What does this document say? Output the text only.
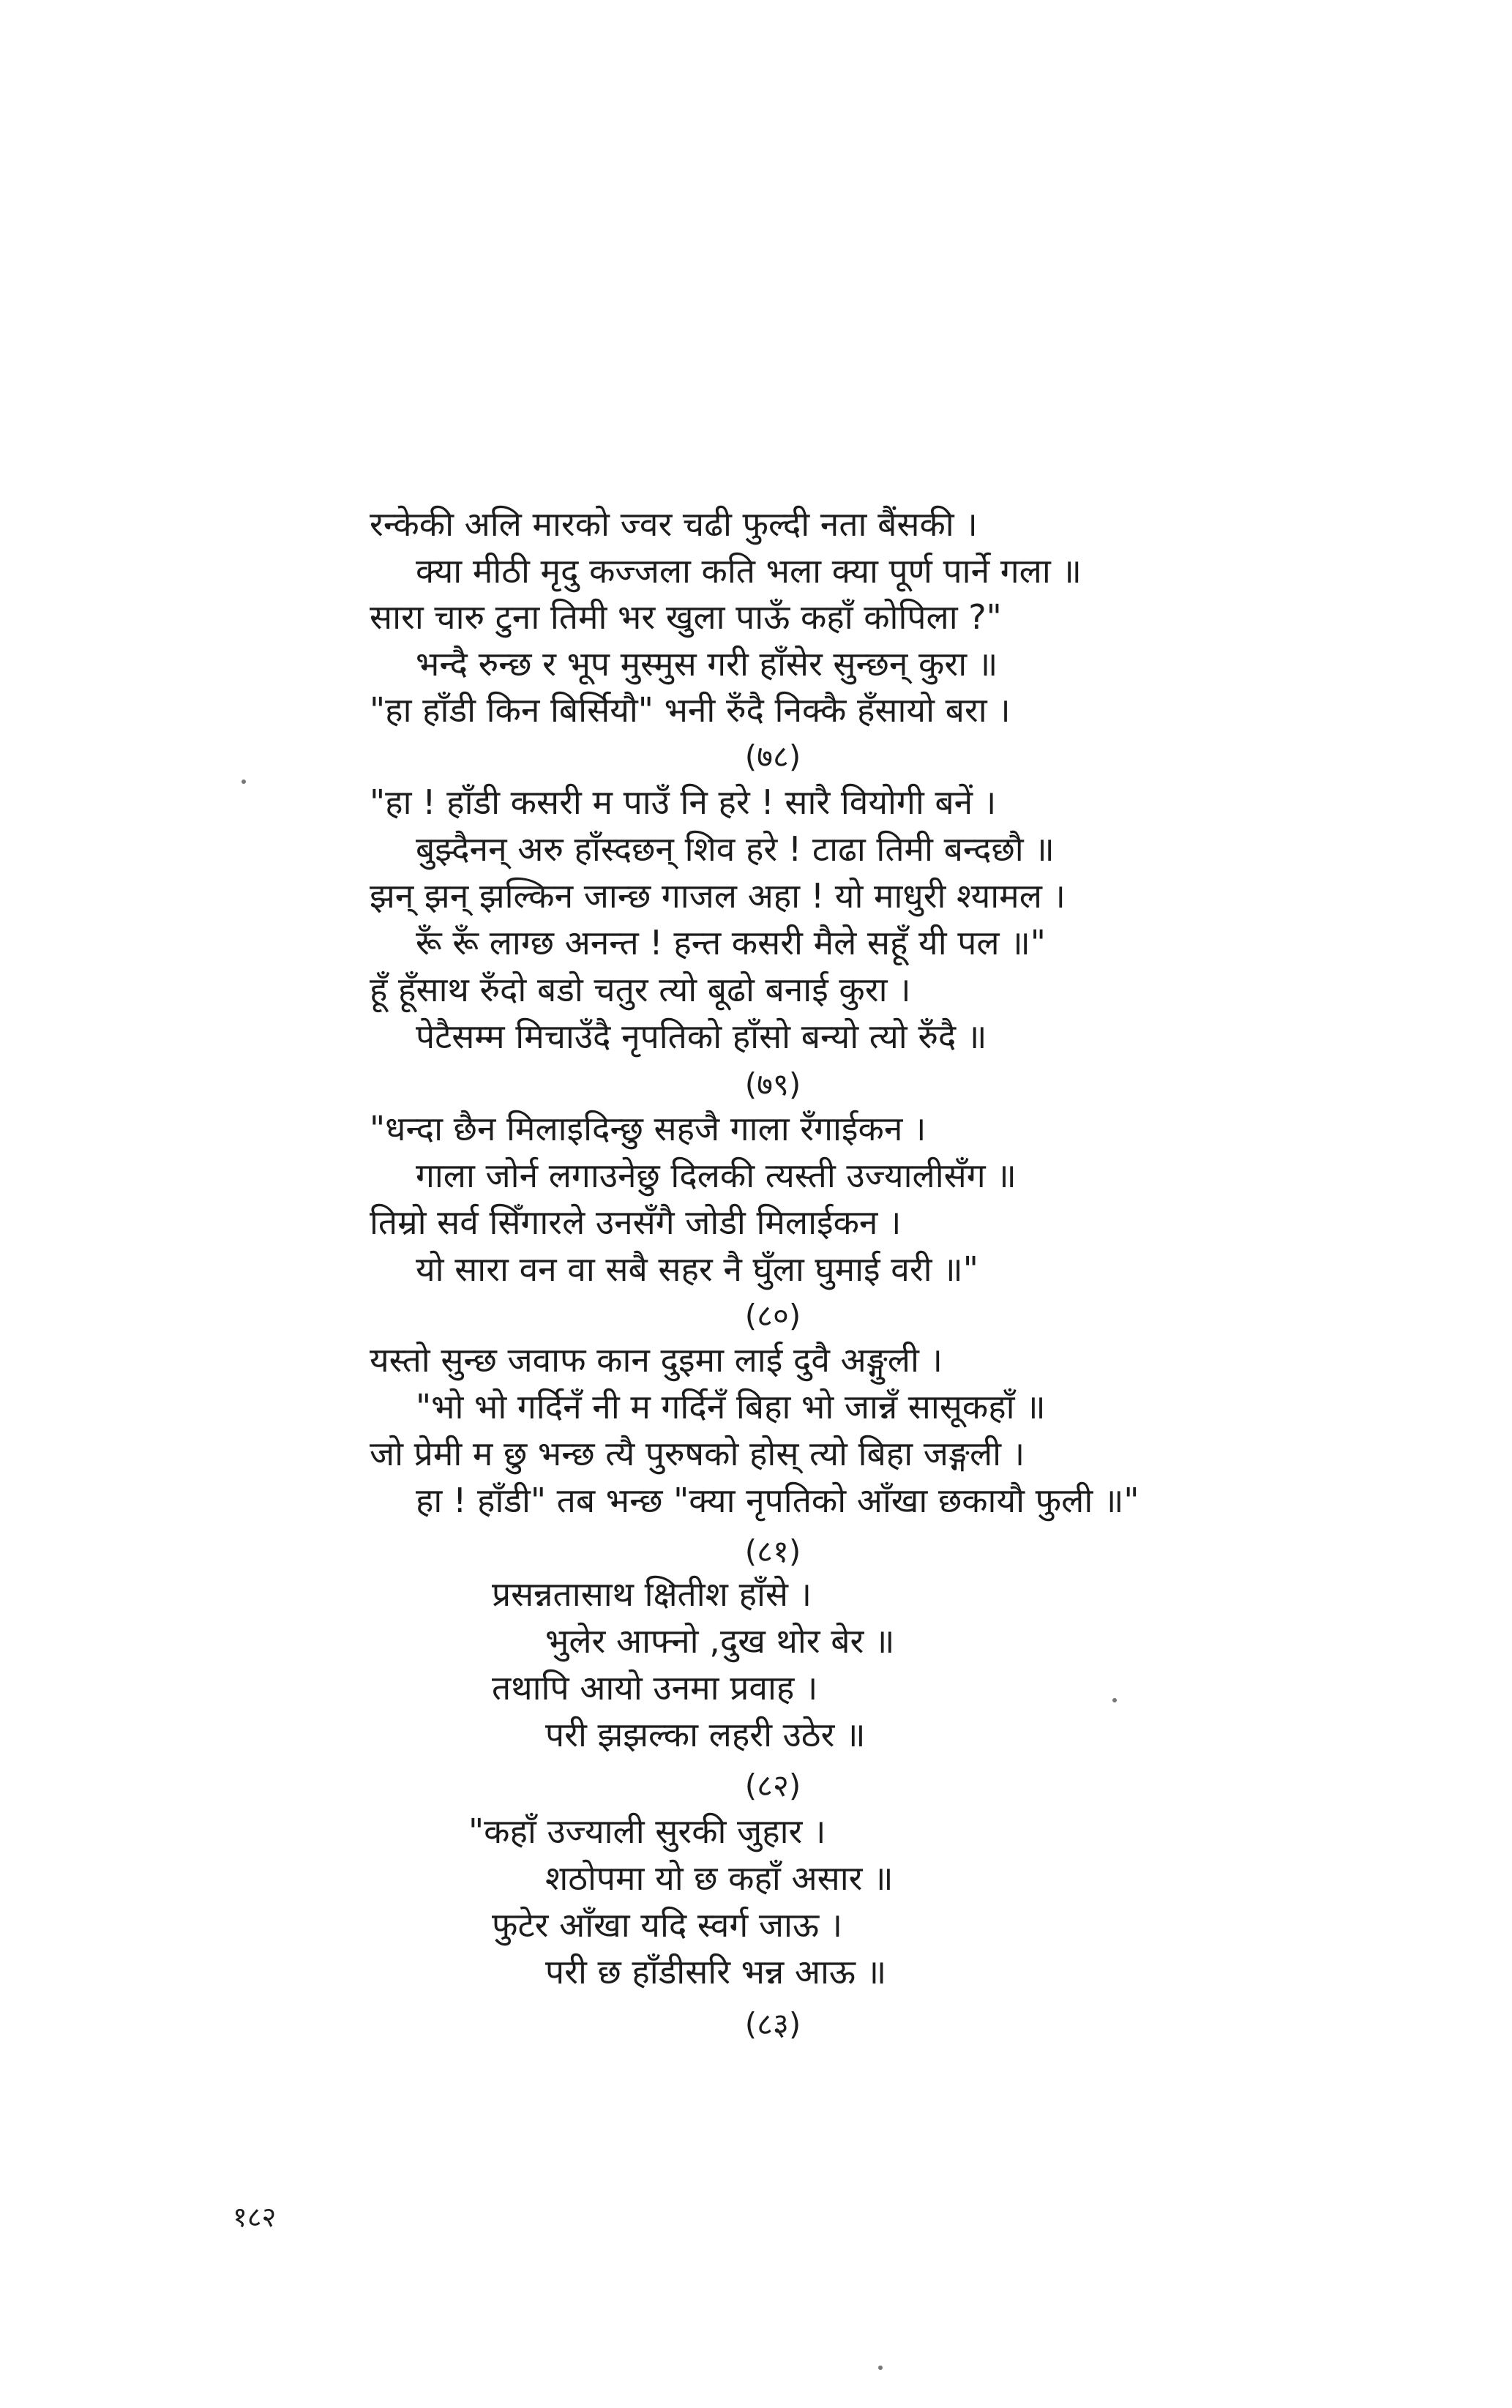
रन्केकी अलि मारको ज्वर चढी फुल्दी नता बैंसकी ।
क्या मीठी मृदु कज्जला कति भला क्या पूर्ण पार्ने गला ॥
सारा चारु टुना तिमी भर खुला पाऊँ कहाँ कोपिला ?"
भन्दै रुन्छ र भूप मुस्मुस गरी हाँसेर सुन्छन् कुरा ॥
"हा हाँडी किन बिर्सियौ" भनी रुँदै निक्कै हँसायो बरा ।
(७८)
"हा ! हाँडी कसरी म पाउँ नि हरे ! सारै वियोगी बनें ।
बुझ्दैनन् अरु हाँस्दछन् शिव हरे ! टाढा तिमी बन्दछौ ॥
झन् झन् झल्किन जान्छ गाजल अहा ! यो माधुरी श्यामल ।
रूँ रूँ लाग्छ अनन्त ! हन्त कसरी मैले सहूँ यी पल ॥"
हूँ हूँसाथ रुँदो बडो चतुर त्यो बूढो बनाई कुरा ।
पेटैसम्म मिचाउँदै नृपतिको हाँसो बन्यो त्यो रुँदै ॥
(७९)
"धन्दा छैन मिलाइदिन्छु सहजै गाला रँगाईकन ।
गाला जोर्न लगाउनेछु दिलकी त्यस्ती उज्यालीसँग ॥
तिम्रो सर्व सिँगारले उनसँगै जोडी मिलाईकन ।
यो सारा वन वा सबै सहर नै घुँला घुमाई वरी ॥"
(८०)
यस्तो सुन्छ जवाफ कान दुइमा लाई दुवै अङ्गुली ।
"भो भो गर्दिनँ नी म गर्दिनँ बिहा भो जान्नँ सासूकहाँ ॥
जो प्रेमी म छु भन्छ त्यै पुरुषको होस् त्यो बिहा जङ्गली ।
हा ! हाँडी" तब भन्छ "क्या नृपतिको आँखा छकायौ फुली ॥"
(८१)
प्रसन्नतासाथ क्षितीश हाँसे ।
भुलेर आफ्नो ,दुख थोर बेर ॥
तथापि आयो उनमा प्रवाह ।
परी झझल्का लहरी उठेर ॥
(८२)
"कहाँ उज्याली सुरकी जुहार ।
शठोपमा यो छ कहाँ असार ॥
फुटेर आँखा यदि स्वर्ग जाऊ ।
परी छ हाँडीसरि भन्न आऊ ॥
(८३)
१८२
